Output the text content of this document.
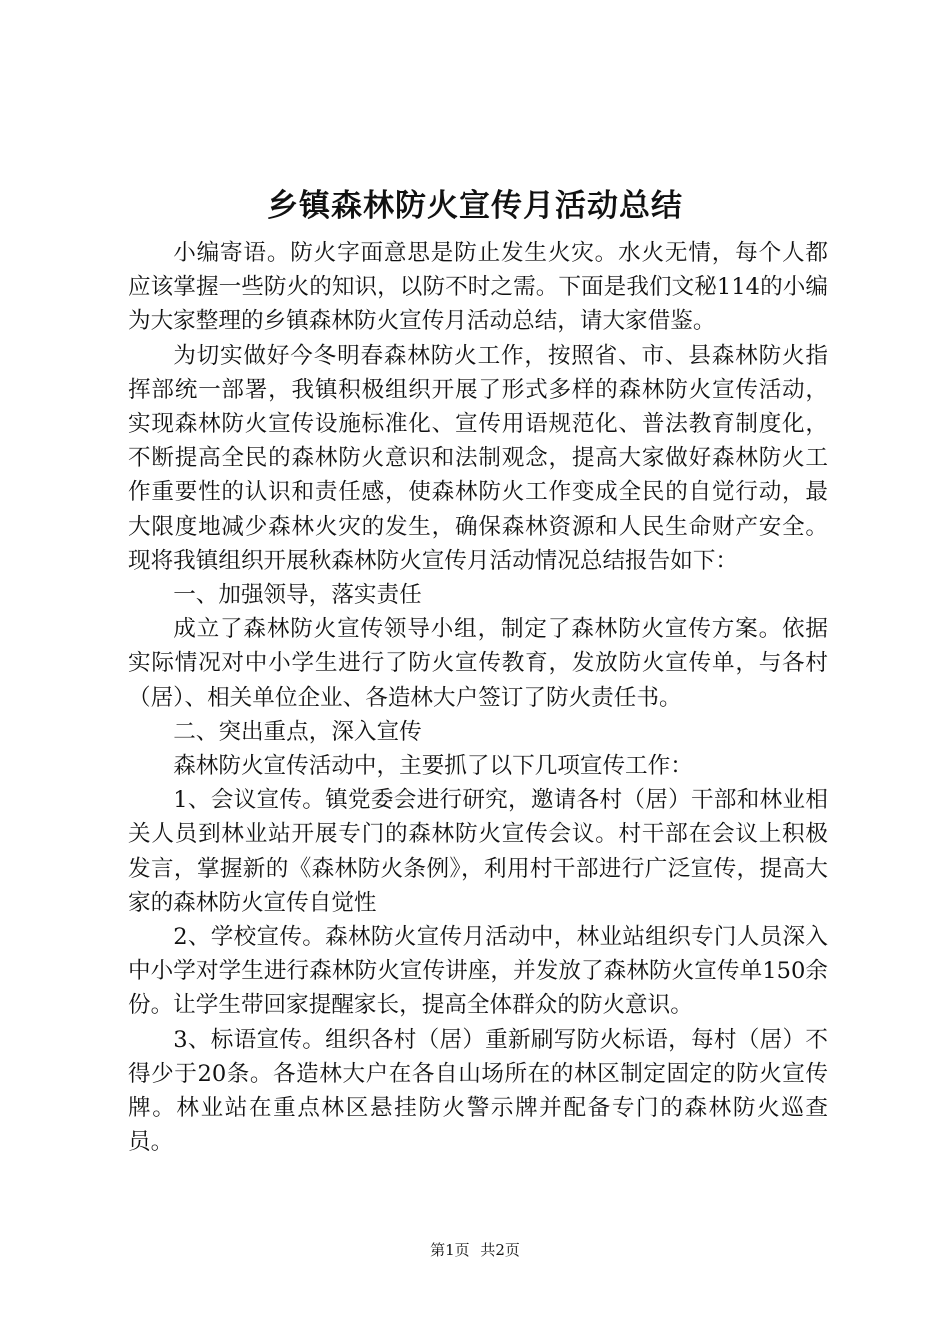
乡镇森林防火宣传月活动总结

小编寄语。防火字面意思是防止发生火灾。水火无情，每个人都应该掌握一些防火的知识，以防不时之需。下面是我们文秘114的小编为大家整理的乡镇森林防火宣传月活动总结，请大家借鉴。

为切实做好今冬明春森林防火工作，按照省、市、县森林防火指挥部统一部署，我镇积极组织开展了形式多样的森林防火宣传活动，实现森林防火宣传设施标准化、宣传用语规范化、普法教育制度化，不断提高全民的森林防火意识和法制观念，提高大家做好森林防火工作重要性的认识和责任感，使森林防火工作变成全民的自觉行动，最大限度地减少森林火灾的发生，确保森林资源和人民生命财产安全。现将我镇组织开展秋森林防火宣传月活动情况总结报告如下：

一、加强领导，落实责任

成立了森林防火宣传领导小组，制定了森林防火宣传方案。依据实际情况对中小学生进行了防火宣传教育，发放防火宣传单，与各村（居）、相关单位企业、各造林大户签订了防火责任书。

二、突出重点，深入宣传

森林防火宣传活动中，主要抓了以下几项宣传工作：

1、会议宣传。镇党委会进行研究，邀请各村（居）干部和林业相关人员到林业站开展专门的森林防火宣传会议。村干部在会议上积极发言，掌握新的《森林防火条例》，利用村干部进行广泛宣传，提高大家的森林防火宣传自觉性

2、学校宣传。森林防火宣传月活动中，林业站组织专门人员深入中小学对学生进行森林防火宣传讲座，并发放了森林防火宣传单150余份。让学生带回家提醒家长，提高全体群众的防火意识。

3、标语宣传。组织各村（居）重新刷写防火标语，每村（居）不得少于20条。各造林大户在各自山场所在的林区制定固定的防火宣传牌。林业站在重点林区悬挂防火警示牌并配备专门的森林防火巡查员。

第1页 共2页
